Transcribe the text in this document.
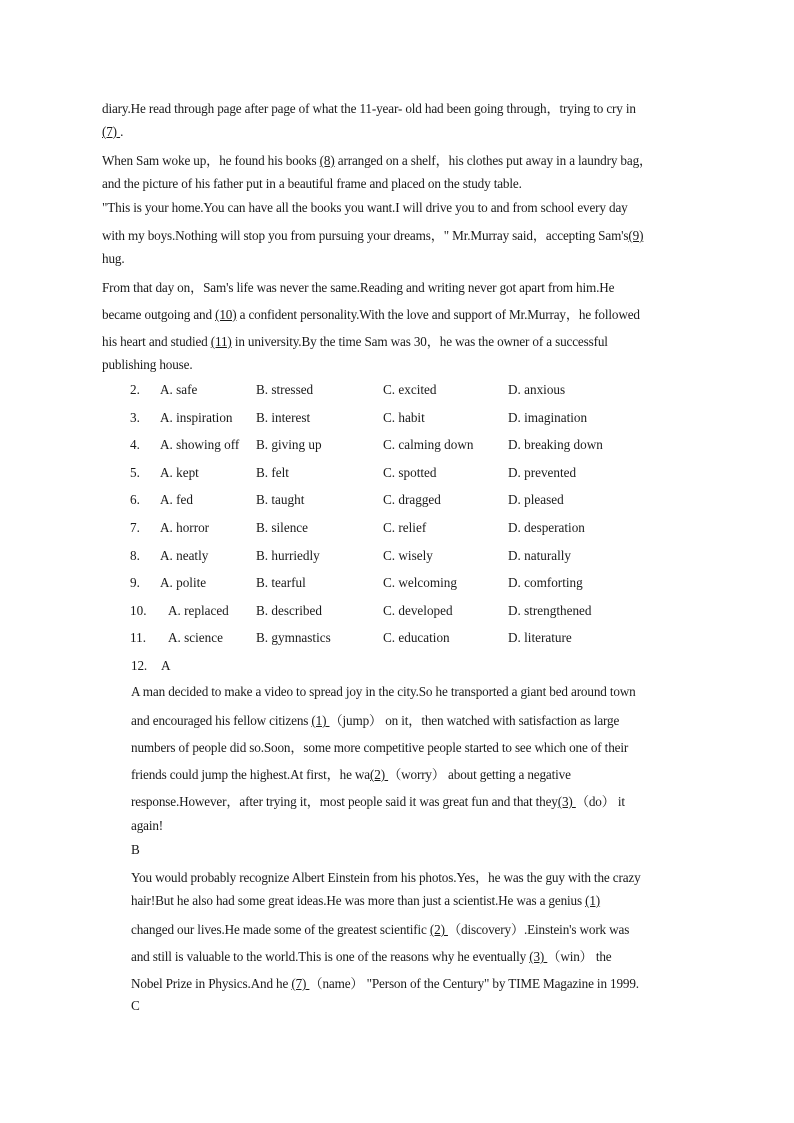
diary.He read through page after page of what the 11-year- old had been going through，trying to cry in
(7) .
When Sam woke up，he found his books (8) arranged on a shelf，his clothes put away in a laundry bag，
and the picture of his father put in a beautiful frame and placed on the study table.
"This is your home.You can have all the books you want.I will drive you to and from school every day
with my boys.Nothing will stop you from pursuing your dreams，" Mr.Murray said，accepting Sam's(9)
hug.
From that day on，Sam's life was never the same.Reading and writing never got apart from him.He
became outgoing and (10) a confident personality.With the love and support of Mr.Murray，he followed
his heart and studied (11) in university.By the time Sam was 30，he was the owner of a successful
publishing house.
2. A. safe	B. stressed	C. excited	D. anxious
3. A. inspiration B. interest	C. habit	D. imagination
4. A. showing off B. giving up	C. calming down	D. breaking down
5. A. kept	B. felt	C. spotted	D. prevented
6. A. fed	B. taught	C. dragged	D. pleased
7. A. horror	B. silence	C. relief	D. desperation
8. A. neatly	B. hurriedly	C. wisely	D. naturally
9. A. polite	B. tearful	C. welcoming	D. comforting
10. A. replaced B. described	C. developed	D. strengthened
11. A. science	B. gymnastics	C. education	D. literature
12. A
A man decided to make a video to spread joy in the city.So he transported a giant bed around town
and encouraged his fellow citizens (1) （jump） on it，then watched with satisfaction as large
numbers of people did so.Soon，some more competitive people started to see which one of their
friends could jump the highest.At first，he wa(2) （worry） about getting a negative
response.However，after trying it，most people said it was great fun and that they(3) （do） it
again!
B
You would probably recognize Albert Einstein from his photos.Yes，he was the guy with the crazy
hair!But he also had some great ideas.He was more than just a scientist.He was a genius (1)
changed our lives.He made some of the greatest scientific (2) （discovery）.Einstein's work was
and still is valuable to the world.This is one of the reasons why he eventually (3) （win） the
Nobel Prize in Physics.And he (7) （name） "Person of the Century" by TIME Magazine in 1999.
C
